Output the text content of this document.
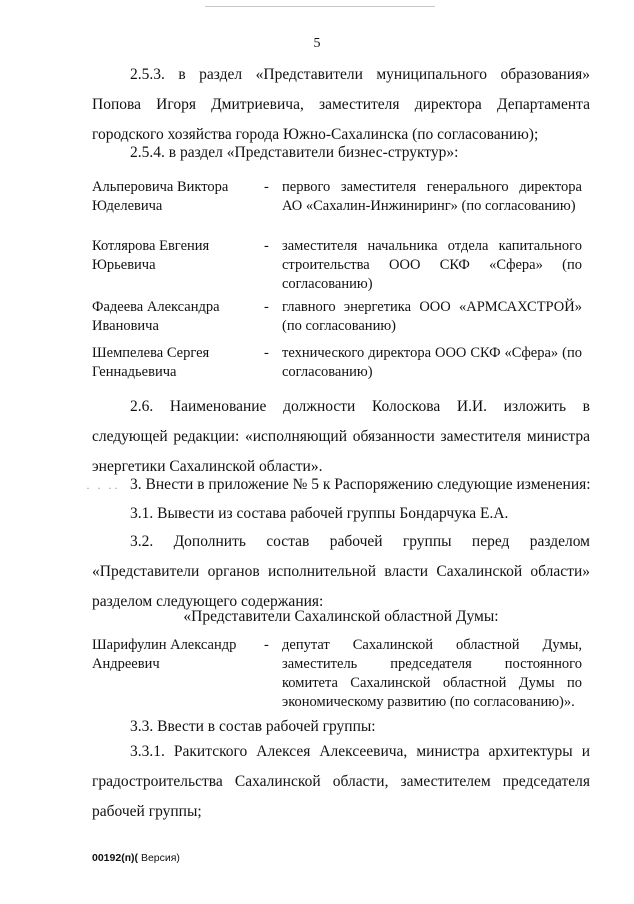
5
2.5.3. в раздел «Представители муниципального образования» Попова Игоря Дмитриевича, заместителя директора Департамента городского хозяйства города Южно-Сахалинска (по согласованию);
2.5.4. в раздел «Представители бизнес-структур»:
Альперовича Виктора Юделевича
- первого заместителя генерального директора АО «Сахалин-Инжиниринг» (по согласованию)
Котлярова Евгения Юрьевича
- заместителя начальника отдела капитального строительства ООО СКФ «Сфера» (по согласованию)
Фадеева Александра Ивановича
- главного энергетика ООО «АРМСАХСТРОЙ» (по согласованию)
Шемпелева Сергея Геннадьевича
- технического директора ООО СКФ «Сфера» (по согласованию)
2.6. Наименование должности Колоскова И.И. изложить в следующей редакции: «исполняющий обязанности заместителя министра энергетики Сахалинской области».
· · ·· 3. Внести в приложение № 5 к Распоряжению следующие изменения:
3.1. Вывести из состава рабочей группы Бондарчука Е.А.
3.2. Дополнить состав рабочей группы перед разделом «Представители органов исполнительной власти Сахалинской области» разделом следующего содержания:
«Представители Сахалинской областной Думы:
Шарифулин Александр Андреевич
- депутат Сахалинской областной Думы, заместитель председателя постоянного комитета Сахалинской областной Думы по экономическому развитию (по согласованию)».
3.3. Ввести в состав рабочей группы:
3.3.1. Ракитского Алексея Алексеевича, министра архитектуры и градостроительства Сахалинской области, заместителем председателя рабочей группы;
00192(п)( Версия)
